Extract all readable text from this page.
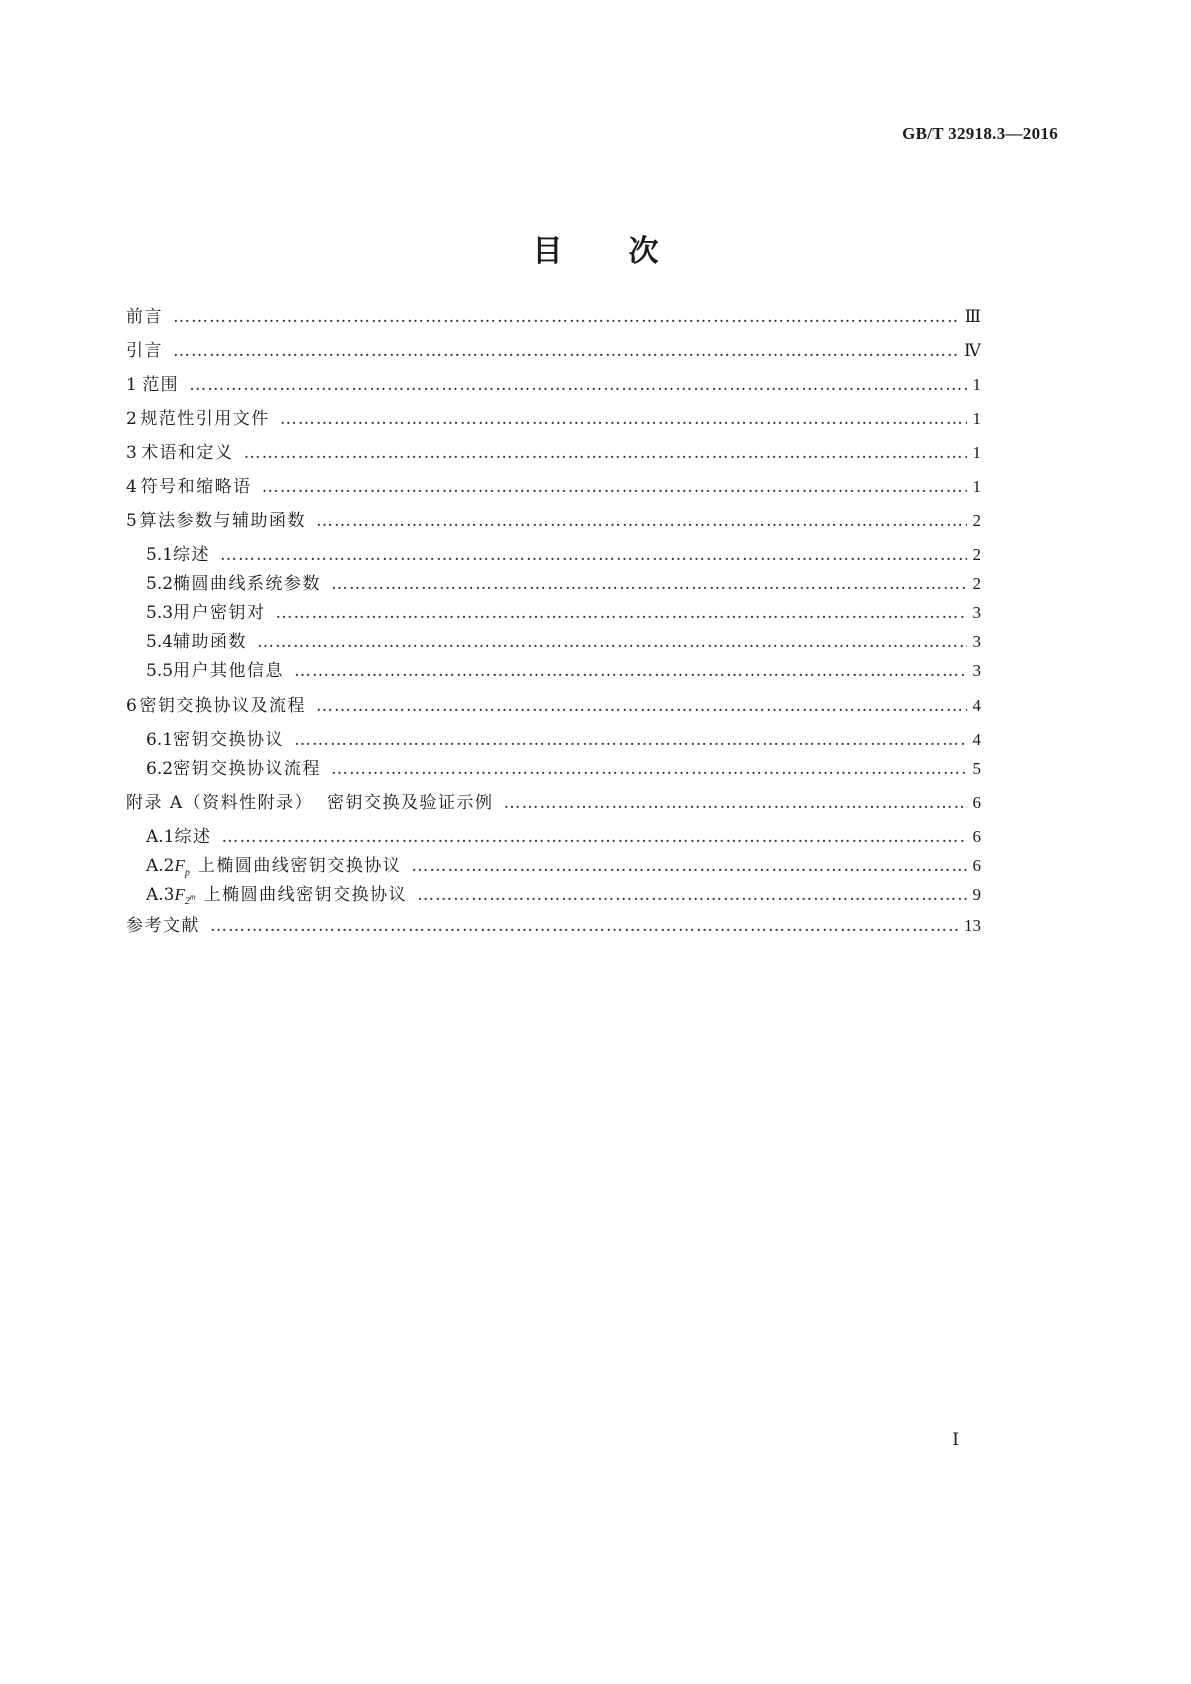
GB/T 32918.3—2016
目 次
前言 ……………………………………………………………………………………………………………………………………………………………………………………………………………………	Ⅲ
引言 ……………………………………………………………………………………………………………………………………………………………………………………………………………………	Ⅳ
1 范围 ……………………………………………………………………………………………………………………………………………………………………………………………………………………	1
2 规范性引用文件 ……………………………………………………………………………………………………………………………………………………………………………………………………………………	1
3 术语和定义 ……………………………………………………………………………………………………………………………………………………………………………………………………………………	1
4 符号和缩略语 ……………………………………………………………………………………………………………………………………………………………………………………………………………………	1
5 算法参数与辅助函数 ……………………………………………………………………………………………………………………………………………………………………………………………………………………	2
5.1 综述 ……………………………………………………………………………………………………………………………………………………………………………………………………………………	2
5.2 椭圆曲线系统参数 ……………………………………………………………………………………………………………………………………………………………………………………………………………………	2
5.3 用户密钥对 ……………………………………………………………………………………………………………………………………………………………………………………………………………………	3
5.4 辅助函数 ……………………………………………………………………………………………………………………………………………………………………………………………………………………	3
5.5 用户其他信息 ……………………………………………………………………………………………………………………………………………………………………………………………………………………	3
6 密钥交换协议及流程 ……………………………………………………………………………………………………………………………………………………………………………………………………………………	4
6.1 密钥交换协议 ……………………………………………………………………………………………………………………………………………………………………………………………………………………	4
6.2 密钥交换协议流程 ……………………………………………………………………………………………………………………………………………………………………………………………………………………	5
附录 A（资料性附录）  密钥交换及验证示例 ……………………………………………………………………………………………………………………………………………………………………………………………………………………	6
A.1 综述 ……………………………………………………………………………………………………………………………………………………………………………………………………………………	6
A.2 $F_p$ 上椭圆曲线密钥交换协议 ……………………………………………………………………………………………………………………………………………………………………………………………………………………	6
A.3 $F_{2^m}$ 上椭圆曲线密钥交换协议 ……………………………………………………………………………………………………………………………………………………………………………………………………………………	9
参考文献 ……………………………………………………………………………………………………………………………………………………………………………………………………………………	13
Ⅰ
